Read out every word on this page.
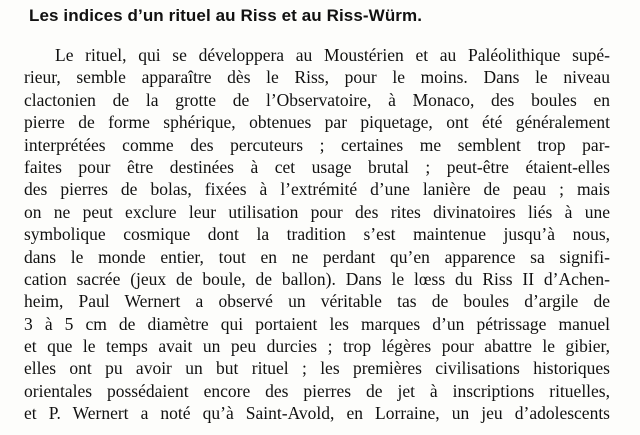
Les indices d’un rituel au Riss et au Riss-Würm.
Le rituel, qui se développera au Moustérien et au Paléolithique supé-
rieur, semble apparaître dès le Riss, pour le moins. Dans le niveau
clactonien de la grotte de l’Observatoire, à Monaco, des boules en
pierre de forme sphérique, obtenues par piquetage, ont été généralement
interprétées comme des percuteurs ; certaines me semblent trop par-
faites pour être destinées à cet usage brutal ; peut-être étaient-elles
des pierres de bolas, fixées à l’extrémité d’une lanière de peau ; mais
on ne peut exclure leur utilisation pour des rites divinatoires liés à une
symbolique cosmique dont la tradition s’est maintenue jusqu’à nous,
dans le monde entier, tout en ne perdant qu’en apparence sa signifi-
cation sacrée (jeux de boule, de ballon). Dans le lœss du Riss II d’Achen-
heim, Paul Wernert a observé un véritable tas de boules d’argile de
3 à 5 cm de diamètre qui portaient les marques d’un pétrissage manuel
et que le temps avait un peu durcies ; trop légères pour abattre le gibier,
elles ont pu avoir un but rituel ; les premières civilisations historiques
orientales possédaient encore des pierres de jet à inscriptions rituelles,
et P. Wernert a noté qu’à Saint-Avold, en Lorraine, un jeu d’adolescents
